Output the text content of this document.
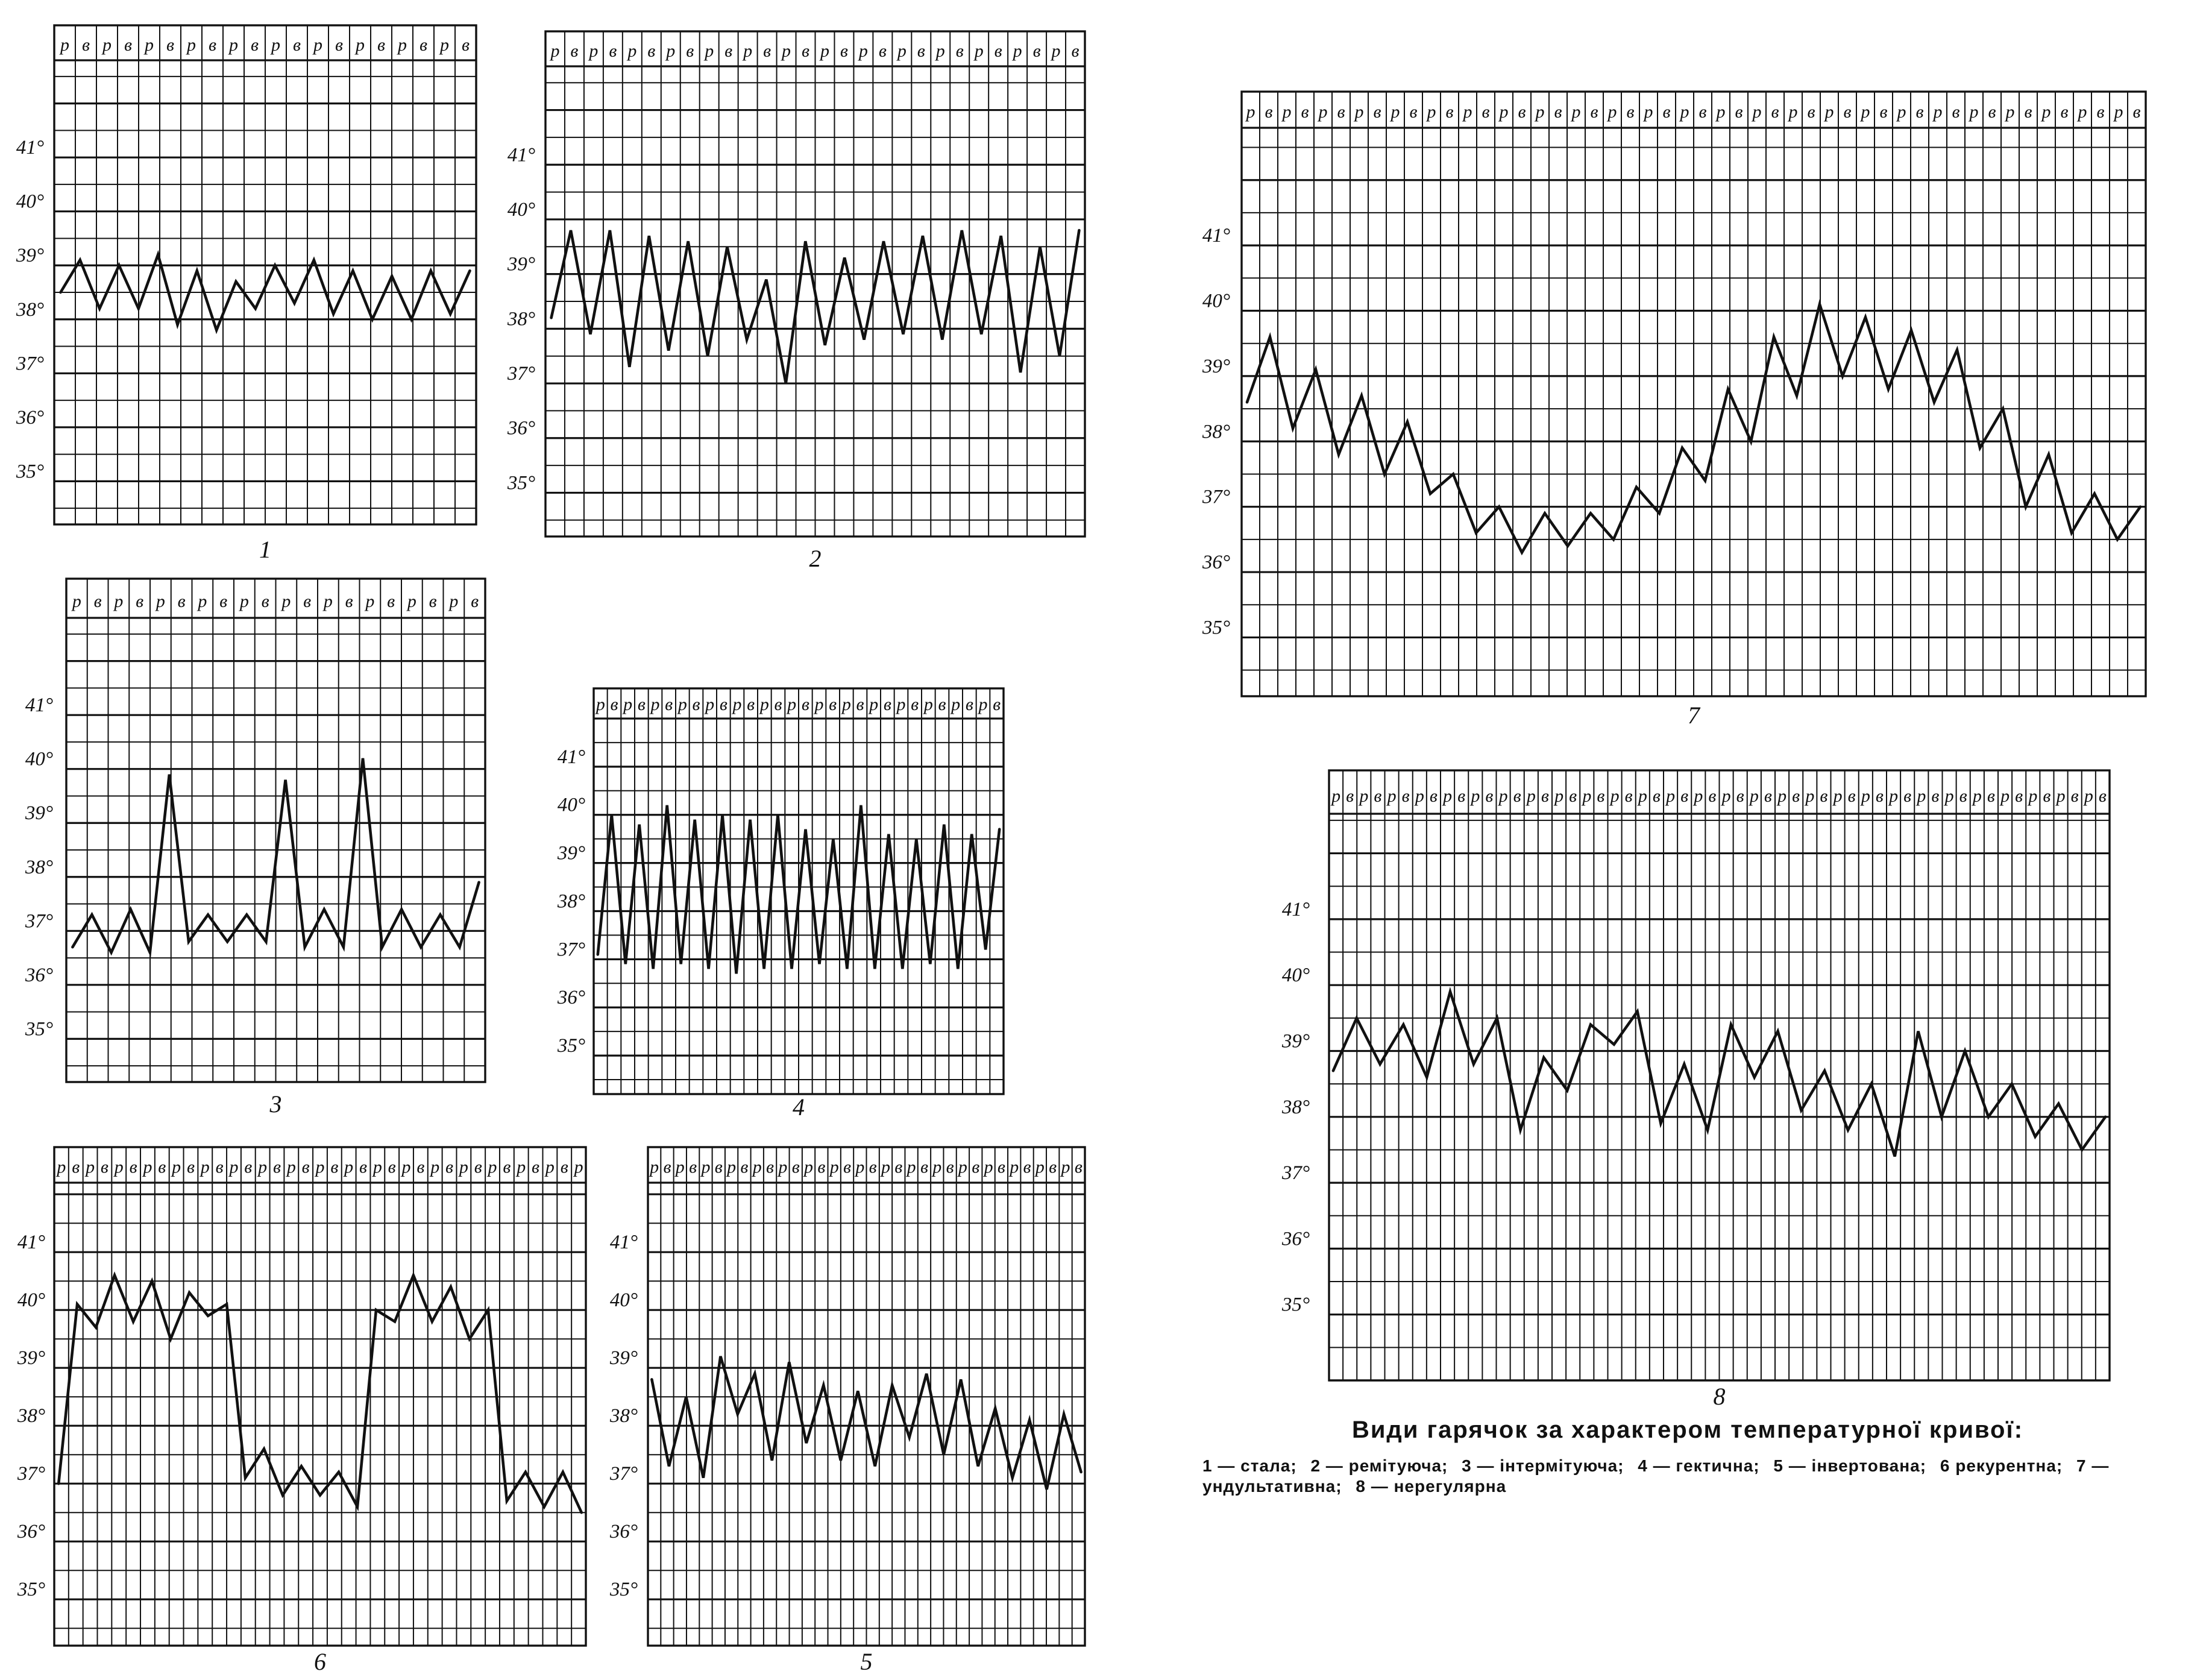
р в р в р в р в р в р в р в р в р в р в
35°
36°
37°
38°
39°
40°
41°
1
р в р в р в р в р в р в р в р в р в р в р в р в р в р в
35°
36°
37°
38°
39°
40°
41°
2
р в р в р в р в р в р в р в р в р в р в
35°
36°
37°
38°
39°
40°
41°
3
р в р в р в р в р в р в р в р в р в р в р в р в р в р в р в
35°
36°
37°
38°
39°
40°
41°
4
р в р в р в р в р в р в р в р в р в р в р в р в р в р в р в р в р в р в р
35°
36°
37°
38°
39°
40°
41°
6
р в р в р в р в р в р в р в р в р в р в р в р в р в р в р в р в р в
35°
36°
37°
38°
39°
40°
41°
5
р в р в р в р в р в р в р в р в р в р в р в р в р в р в р в р в р в р в р в р в р в р в р в р в р в
35°
36°
37°
38°
39°
40°
41°
7
р в р в р в р в р в р в р в р в р в р в р в р в р в р в р в р в р в р в р в р в р в р в р в р в р в р в р в р в
35°
36°
37°
38°
39°
40°
41°
8

Види гарячок за характером температурної кривої:

1 — стала; 2 — ремітуюча; 3 — інтермітуюча; 4 — гектична; 5 — інвертована; 6 рекурентна; 7 — ундультативна; 8 — нерегулярна
